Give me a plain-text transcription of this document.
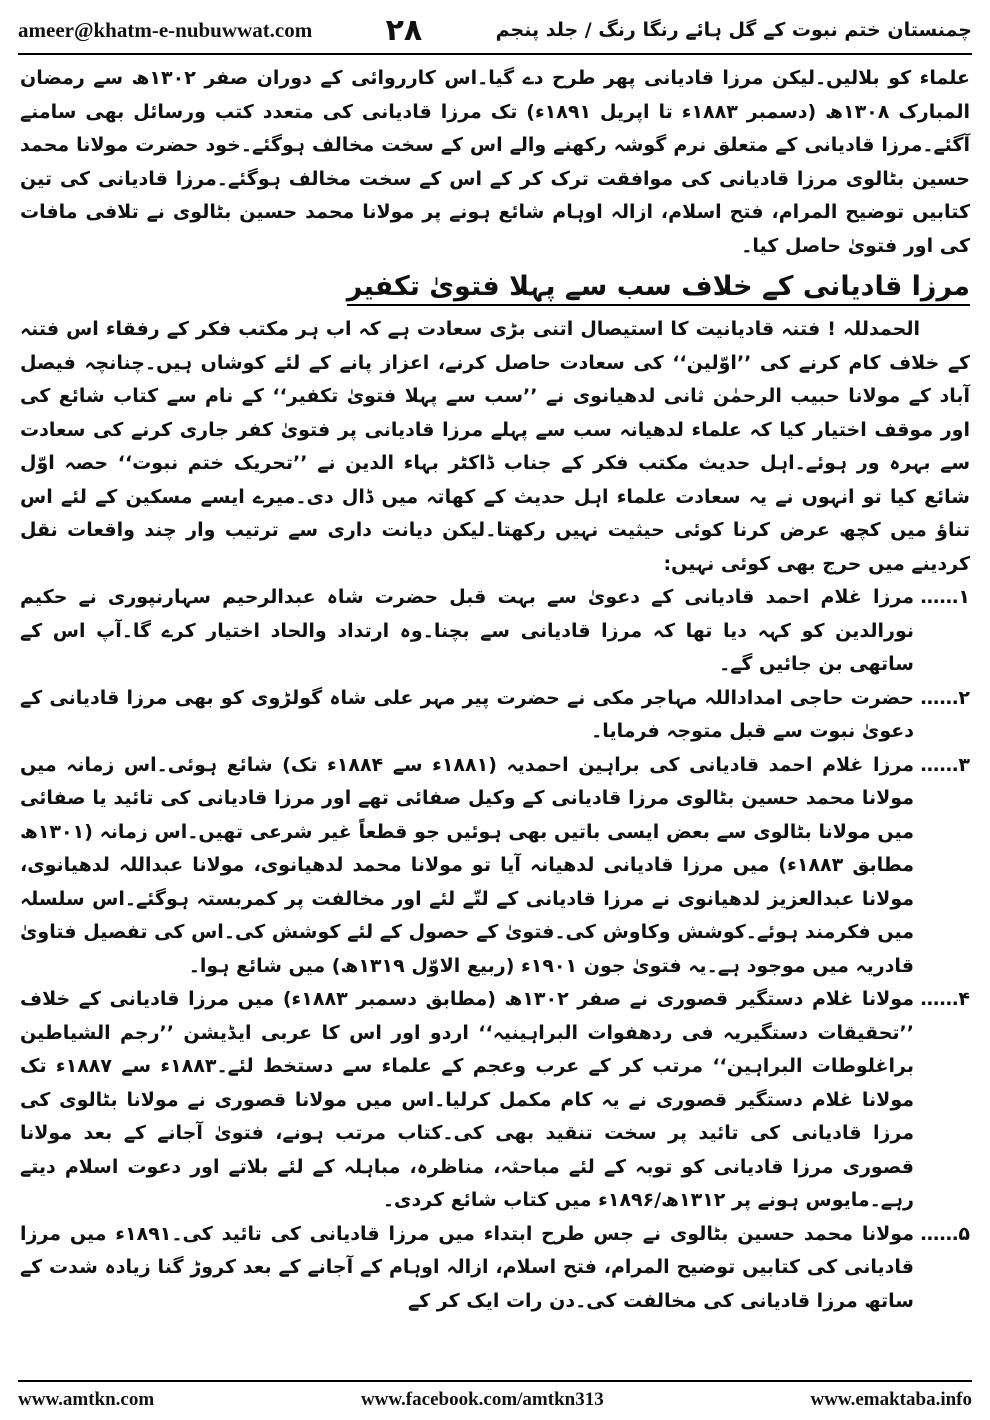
ameer@khatm-e-nubuwwat.com ۲۸	چمنستان ختم نبوت کے گل ہائے رنگا رنگ / جلد پنجم

علماء کو بلالیں۔لیکن مرزا قادیانی پھر طرح دے گیا۔اس کارروائی کے دوران صفر ۱۳۰۲ھ سے رمضان المبارک ۱۳۰۸ھ (دسمبر ۱۸۸۳ء تا اپریل ۱۸۹۱ء) تک مرزا قادیانی کی متعدد کتب ورسائل بھی سامنے آگئے۔مرزا قادیانی کے متعلق نرم گوشہ رکھنے والے اس کے سخت مخالف ہوگئے۔خود حضرت مولانا محمد حسین بٹالوی مرزا قادیانی کی موافقت ترک کر کے اس کے سخت مخالف ہوگئے۔مرزا قادیانی کی تین کتابیں توضیح المرام، فتح اسلام، ازالہ اوہام شائع ہونے پر مولانا محمد حسین بٹالوی نے تلافی مافات کی اور فتویٰ حاصل کیا۔

مرزا قادیانی کے خلاف سب سے پہلا فتویٰ تکفیر

الحمدللہ ! فتنہ قادیانیت کا استیصال اتنی بڑی سعادت ہے کہ اب ہر مکتب فکر کے رفقاء اس فتنہ کے خلاف کام کرنے کی ’’اوّلین‘‘ کی سعادت حاصل کرنے، اعزاز پانے کے لئے کوشاں ہیں۔چنانچہ فیصل آباد کے مولانا حبیب الرحمٰن ثانی لدھیانوی نے ’’سب سے پہلا فتویٰ تکفیر‘‘ کے نام سے کتاب شائع کی اور موقف اختیار کیا کہ علماء لدھیانہ سب سے پہلے مرزا قادیانی پر فتویٰ کفر جاری کرنے کی سعادت سے بہرہ ور ہوئے۔اہل حدیث مکتب فکر کے جناب ڈاکٹر بہاء الدین نے ’’تحریک ختم نبوت‘‘ حصہ اوّل شائع کیا تو انہوں نے یہ سعادت علماء اہل حدیث کے کھاتہ میں ڈال دی۔میرے ایسے مسکین کے لئے اس تناؤ میں کچھ عرض کرنا کوئی حیثیت نہیں رکھتا۔لیکن دیانت داری سے ترتیب وار چند واقعات نقل کردینے میں حرج بھی کوئی نہیں:

۱……
مرزا غلام احمد قادیانی کے دعویٰ سے بہت قبل حضرت شاہ عبدالرحیم سہارنپوری نے حکیم نورالدین کو کہہ دیا تھا کہ مرزا قادیانی سے بچنا۔وہ ارتداد والحاد اختیار کرے گا۔آپ اس کے ساتھی بن جائیں گے۔
۲……
حضرت حاجی امداداللہ مہاجر مکی نے حضرت پیر مہر علی شاہ گولڑوی کو بھی مرزا قادیانی کے دعویٰ نبوت سے قبل متوجہ فرمایا۔
۳……
مرزا غلام احمد قادیانی کی براہین احمدیہ (۱۸۸۱ء سے ۱۸۸۴ء تک) شائع ہوئی۔اس زمانہ میں مولانا محمد حسین بٹالوی مرزا قادیانی کے وکیل صفائی تھے اور مرزا قادیانی کی تائید یا صفائی میں مولانا بٹالوی سے بعض ایسی باتیں بھی ہوئیں جو قطعاً غیر شرعی تھیں۔اس زمانہ (۱۳۰۱ھ مطابق ۱۸۸۳ء) میں مرزا قادیانی لدھیانہ آیا تو مولانا محمد لدھیانوی، مولانا عبداللہ لدھیانوی، مولانا عبدالعزیز لدھیانوی نے مرزا قادیانی کے لتّے لئے اور مخالفت پر کمربستہ ہوگئے۔اس سلسلہ میں فکرمند ہوئے۔کوشش وکاوش کی۔فتویٰ کے حصول کے لئے کوشش کی۔اس کی تفصیل فتاویٰ قادریہ میں موجود ہے۔یہ فتویٰ جون ۱۹۰۱ء (ربیع الاوّل ۱۳۱۹ھ) میں شائع ہوا۔
۴……
مولانا غلام دستگیر قصوری نے صفر ۱۳۰۲ھ (مطابق دسمبر ۱۸۸۳ء) میں مرزا قادیانی کے خلاف ’’تحقیقات دستگیریہ فی ردھفوات البراہینیہ‘‘ اردو اور اس کا عربی ایڈیشن ’’رجم الشیاطین براغلوطات البراہین‘‘ مرتب کر کے عرب وعجم کے علماء سے دستخط لئے۔۱۸۸۳ء سے ۱۸۸۷ء تک مولانا غلام دستگیر قصوری نے یہ کام مکمل کرلیا۔اس میں مولانا قصوری نے مولانا بٹالوی کی مرزا قادیانی کی تائید پر سخت تنقید بھی کی۔کتاب مرتب ہونے، فتویٰ آجانے کے بعد مولانا قصوری مرزا قادیانی کو توبہ کے لئے مباحثہ، مناظرہ، مباہلہ کے لئے بلاتے اور دعوت اسلام دیتے رہے۔مایوس ہونے پر ۱۳۱۲ھ/۱۸۹۶ء میں کتاب شائع کردی۔
۵……
مولانا محمد حسین بٹالوی نے جس طرح ابتداء میں مرزا قادیانی کی تائید کی۔۱۸۹۱ء میں مرزا قادیانی کی کتابیں توضیح المرام، فتح اسلام، ازالہ اوہام کے آجانے کے بعد کروڑ گنا زیادہ شدت کے ساتھ مرزا قادیانی کی مخالفت کی۔دن رات ایک کر کے
www.amtkn.com	www.facebook.com/amtkn313	www.emaktaba.info
